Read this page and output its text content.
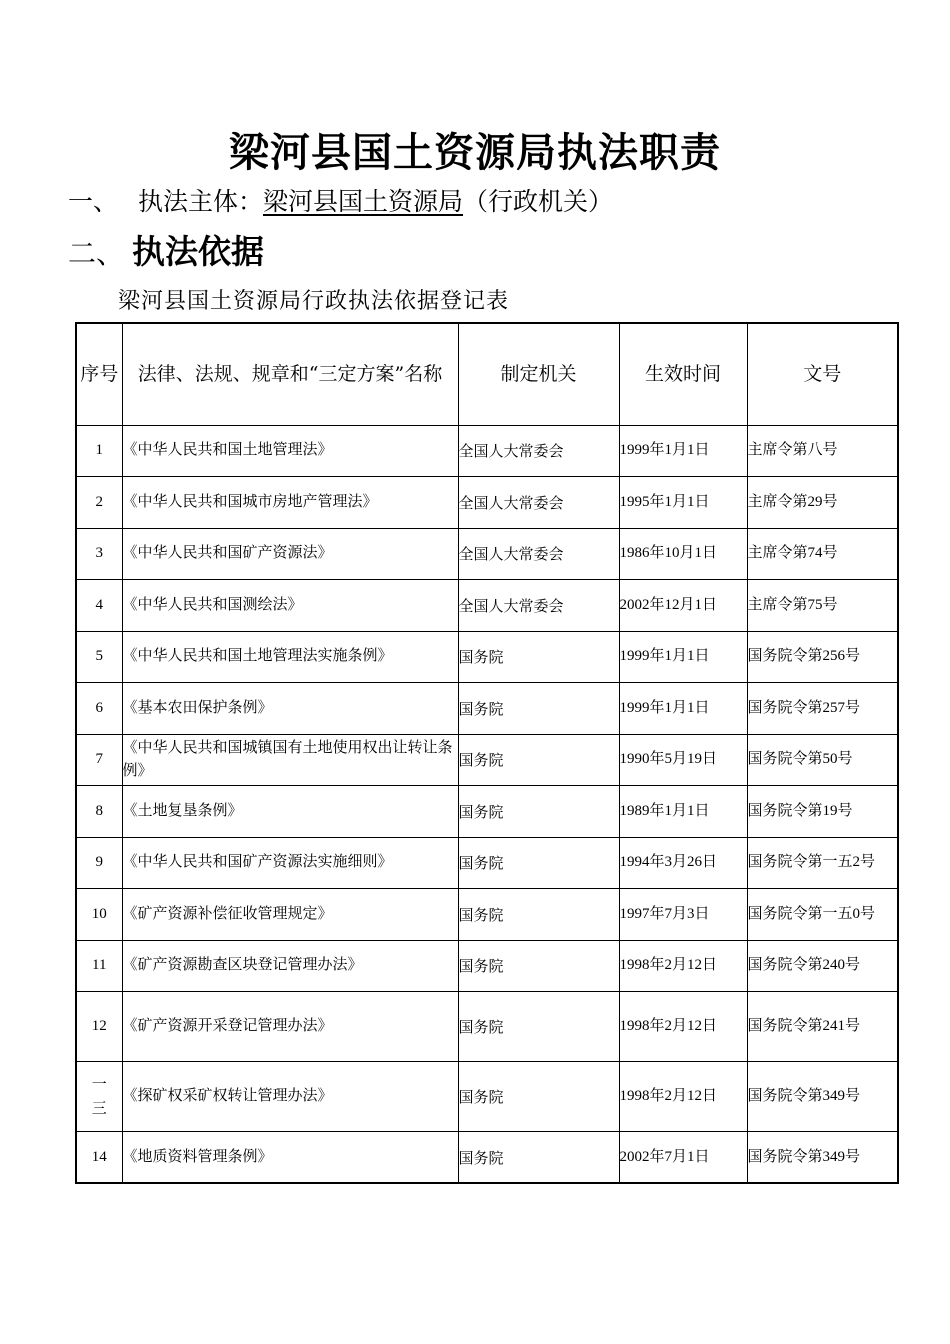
梁河县国土资源局执法职责
一、 执法主体：梁河县国土资源局（行政机关）
二、 执法依据
梁河县国土资源局行政执法依据登记表
序号	法律、法规、规章和“三定方案”名称	制定机关	生效时间	文号
1	《中华人民共和国土地管理法》	全国人大常委会	1999年1月1日	主席令第八号
2	《中华人民共和国城市房地产管理法》	全国人大常委会	1995年1月1日	主席令第29号
3	《中华人民共和国矿产资源法》	全国人大常委会	1986年10月1日	主席令第74号
4	《中华人民共和国测绘法》	全国人大常委会	2002年12月1日	主席令第75号
5	《中华人民共和国土地管理法实施条例》	国务院	1999年1月1日	国务院令第256号
6	《基本农田保护条例》	国务院	1999年1月1日	国务院令第257号
7	《中华人民共和国城镇国有土地使用权出让转让条例》	国务院	1990年5月19日	国务院令第50号
8	《土地复垦条例》	国务院	1989年1月1日	国务院令第19号
9	《中华人民共和国矿产资源法实施细则》	国务院	1994年3月26日	国务院令第一五2号
10	《矿产资源补偿征收管理规定》	国务院	1997年7月3日	国务院令第一五0号
11	《矿产资源勘查区块登记管理办法》	国务院	1998年2月12日	国务院令第240号
12	《矿产资源开采登记管理办法》	国务院	1998年2月12日	国务院令第241号
一三	《探矿权采矿权转让管理办法》	国务院	1998年2月12日	国务院令第349号
14	《地质资料管理条例》	国务院	2002年7月1日	国务院令第349号
